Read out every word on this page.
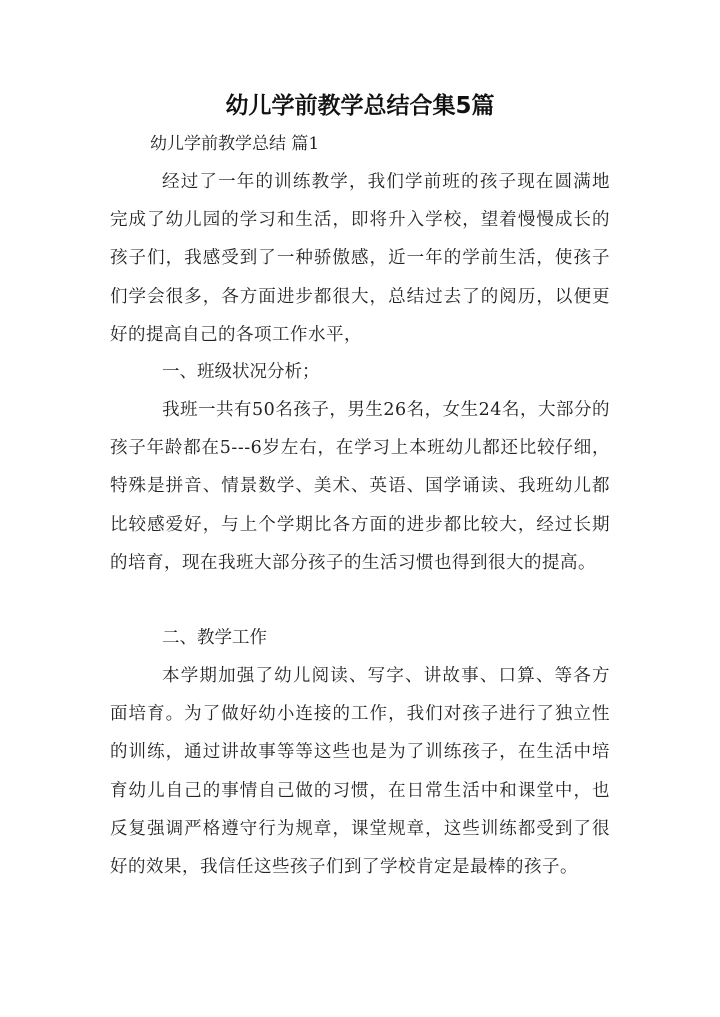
幼儿学前教学总结合集5篇

幼儿学前教学总结 篇1

经过了一年的训练教学，我们学前班的孩子现在圆满地完成了幼儿园的学习和生活，即将升入学校，望着慢慢成长的孩子们，我感受到了一种骄傲感，近一年的学前生活，使孩子们学会很多，各方面进步都很大，总结过去了的阅历，以便更好的提高自己的各项工作水平，

一、班级状况分析；

我班一共有50名孩子，男生26名，女生24名，大部分的孩子年龄都在5---6岁左右，在学习上本班幼儿都还比较仔细，特殊是拼音、情景数学、美术、英语、国学诵读、我班幼儿都比较感爱好，与上个学期比各方面的进步都比较大，经过长期的培育，现在我班大部分孩子的生活习惯也得到很大的提高。

二、教学工作

本学期加强了幼儿阅读、写字、讲故事、口算、等各方面培育。为了做好幼小连接的工作，我们对孩子进行了独立性的训练，通过讲故事等等这些也是为了训练孩子，在生活中培育幼儿自己的事情自己做的习惯，在日常生活中和课堂中，也反复强调严格遵守行为规章，课堂规章，这些训练都受到了很好的效果，我信任这些孩子们到了学校肯定是最棒的孩子。
